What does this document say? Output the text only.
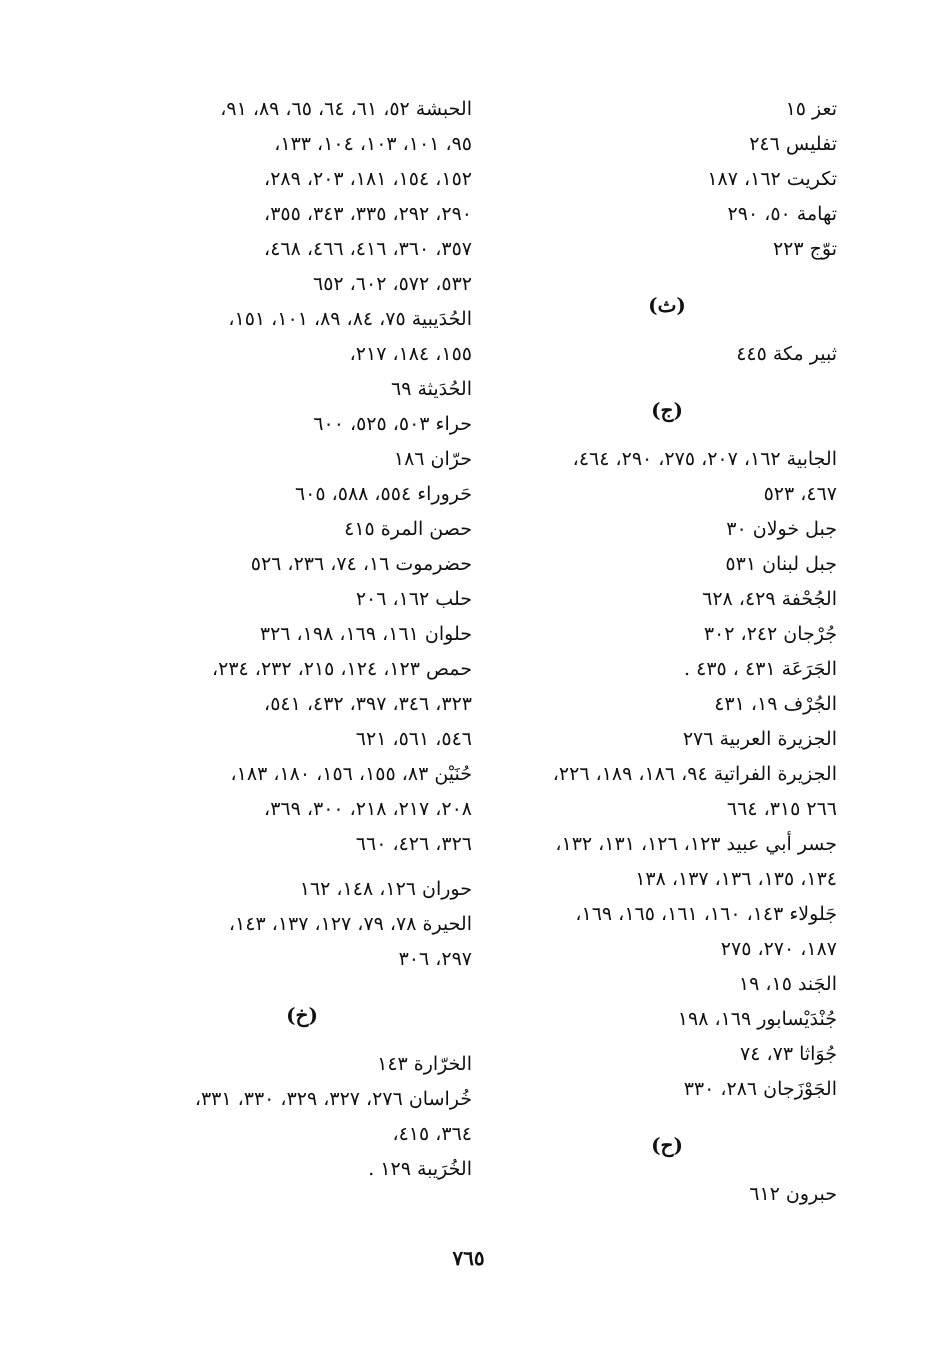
تعز ١٥
تفليس ٢٤٦
تكريت ١٦٢، ١٨٧
تهامة ٥٠، ٢٩٠
توّج ٢٢٣
(ث)
ثبير مكة ٤٤٥
(ج)
الجابية ١٦٢، ٢٠٧، ٢٧٥، ٢٩٠، ٤٦٤،
٤٦٧، ٥٢٣
جبل خولان ٣٠
جبل لبنان ٥٣١
الجُحْفة ٤٢٩، ٦٢٨
جُرْجان ٢٤٢، ٣٠٢
الجَرَعَة ٤٣١ ، ٤٣٥ .
الجُرْف ١٩، ٤٣١
الجزيرة العربية ٢٧٦
الجزيرة الفراتية ٩٤، ١٨٦، ١٨٩، ٢٢٦،
٢٦٦ ٣١٥، ٦٦٤
جسر أبي عبيد ١٢٣، ١٢٦، ١٣١، ١٣٢،
١٣٤، ١٣٥، ١٣٦، ١٣٧، ١٣٨
جَلولاء ١٤٣، ١٦٠، ١٦١، ١٦٥، ١٦٩،
١٨٧، ٢٧٠، ٢٧٥
الجَند ١٥، ١٩
جُنْدَيْسابور ١٦٩، ١٩٨
جُوَاثا ٧٣، ٧٤
الجَوْزَجان ٢٨٦، ٣٣٠
(ح)
حبرون ٦١٢
الحبشة ٥٢، ٦١، ٦٤، ٦٥، ٨٩، ٩١،
٩٥، ١٠١، ١٠٣، ١٠٤، ١٣٣،
١٥٢، ١٥٤، ١٨١، ٢٠٣، ٢٨٩،
٢٩٠، ٢٩٢، ٣٣٥، ٣٤٣، ٣٥٥،
٣٥٧، ٣٦٠، ٤١٦، ٤٦٦، ٤٦٨،
٥٣٢، ٥٧٢، ٦٠٢، ٦٥٢
الحُدَيبية ٧٥، ٨٤، ٨٩، ١٠١، ١٥١،
١٥٥، ١٨٤، ٢١٧،
الحُدَيثة ٦٩
حراء ٥٠٣، ٥٢٥، ٦٠٠
حرّان ١٨٦
حَروراء ٥٥٤، ٥٨٨، ٦٠٥
حصن المرة ٤١٥
حضرموت ١٦، ٧٤، ٢٣٦، ٥٢٦
حلب ١٦٢، ٢٠٦
حلوان ١٦١، ١٦٩، ١٩٨، ٣٢٦
حمص ١٢٣، ١٢٤، ٢١٥، ٢٣٢، ٢٣٤،
٣٢٣، ٣٤٦، ٣٩٧، ٤٣٢، ٥٤١،
٥٤٦، ٥٦١، ٦٢١
حُنَيْن ٨٣، ١٥٥، ١٥٦، ١٨٠، ١٨٣،
٢٠٨، ٢١٧، ٢١٨، ٣٠٠، ٣٦٩،
٣٢٦، ٤٢٦، ٦٦٠
حوران ١٢٦، ١٤٨، ١٦٢
الحيرة ٧٨، ٧٩، ١٢٧، ١٣٧، ١٤٣،
٢٩٧، ٣٠٦
(خ)
الخرّارة ١٤٣
خُراسان ٢٧٦، ٣٢٧، ٣٢٩، ٣٣٠، ٣٣١،
٣٦٤، ٤١٥،
الخُرَيبة ١٢٩ .
٧٦٥
